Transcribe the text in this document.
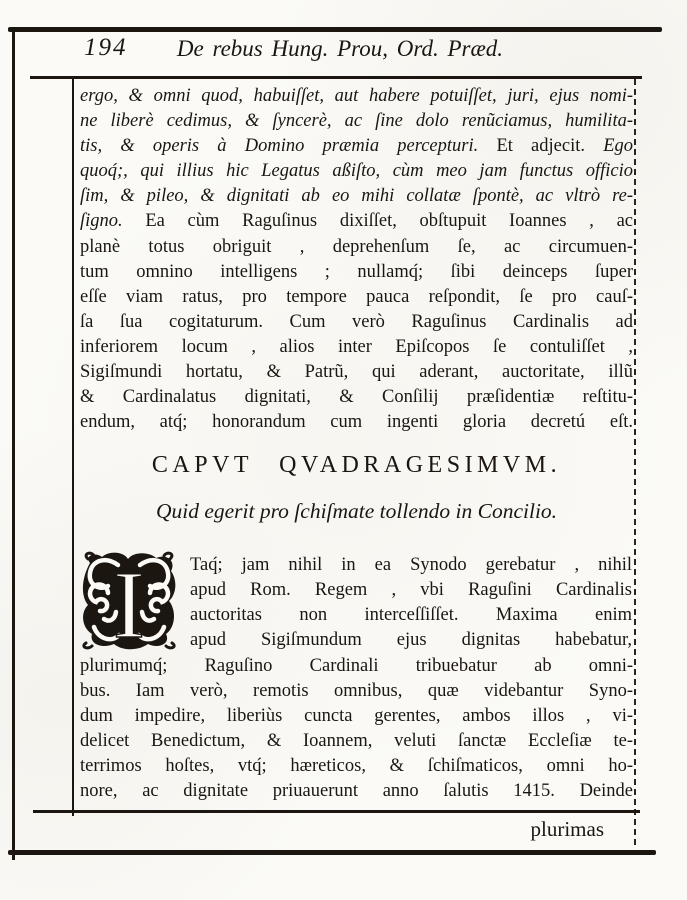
194	De rebus Hung. Prou, Ord. Præd.
ergo, & omni quod, habuiſſet, aut habere potuiſſet, juri, ejus nomi-
ne liberè cedimus, & ſyncerè, ac ſine dolo renũciamus, humilita-
tis, & operis à Domino præmia percepturi. Et adjecit. Ego
quoq́;, qui illius hic Legatus aßiſto, cùm meo jam functus officio
ſim, & pileo, & dignitati ab eo mihi collatæ ſpontè, ac vltrò re-
ſigno. Ea cùm Raguſinus dixiſſet, obſtupuit Ioannes , ac
planè totus obriguit , deprehenſum ſe, ac circumuen-
tum omnino intelligens ; nullamq́; ſibi deinceps ſuper
eſſe viam ratus, pro tempore pauca reſpondit, ſe pro cauſ-
ſa ſua cogitaturum. Cum verò Raguſinus Cardinalis ad
inferiorem locum , alios inter Epiſcopos ſe contuliſſet ,
Sigiſmundi hortatu, & Patrũ, qui aderant, auctoritate, illũ
& Cardinalatus dignitati, & Conſilij præſidentiæ reſtitu-
endum, atq́; honorandum cum ingenti gloria decretú eſt.
CAPVT QVADRAGESIMVM.
Quid egerit pro ſchiſmate tollendo in Concilio.
I Taq́; jam nihil in ea Synodo gerebatur , nihil
apud Rom. Regem , vbi Raguſini Cardinalis
auctoritas non interceſſiſſet. Maxima enim
apud Sigiſmundum ejus dignitas habebatur,
plurimumq́; Raguſino Cardinali tribuebatur ab omni-
bus. Iam verò, remotis omnibus, quæ videbantur Syno-
dum impedire, liberiùs cuncta gerentes, ambos illos , vi-
delicet Benedictum, & Ioannem, veluti ſanctæ Eccleſiæ te-
terrimos hoſtes, vtq́; hæreticos, & ſchiſmaticos, omni ho-
nore, ac dignitate priuauerunt anno ſalutis 1415. Deinde
plurimas
